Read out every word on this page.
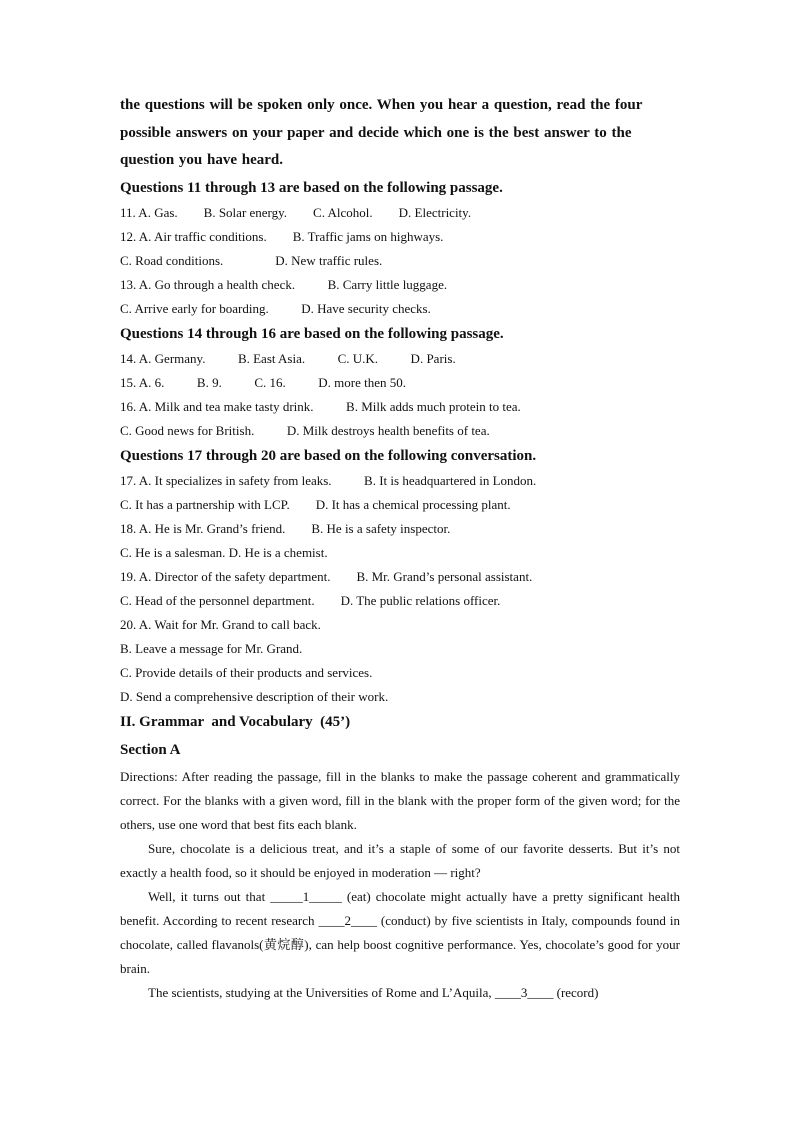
the questions will be spoken only once. When you hear a question, read the four

possible answers on your paper and decide which one is the best answer to the

question you have heard.

Questions 11 through 13 are based on the following passage.

11. A. Gas.        B. Solar energy.        C. Alcohol.        D. Electricity.

12. A. Air traffic conditions.        B. Traffic jams on highways.

C. Road conditions.                D. New traffic rules.

13. A. Go through a health check.          B. Carry little luggage.

C. Arrive early for boarding.          D. Have security checks.

Questions 14 through 16 are based on the following passage.

14. A. Germany.          B. East Asia.          C. U.K.          D. Paris.

15. A. 6.          B. 9.          C. 16.          D. more then 50.

16. A. Milk and tea make tasty drink.          B. Milk adds much protein to tea.

C. Good news for British.          D. Milk destroys health benefits of tea.

Questions 17 through 20 are based on the following conversation.

17. A. It specializes in safety from leaks.          B. It is headquartered in London.

C. It has a partnership with LCP.        D. It has a chemical processing plant.

18. A. He is Mr. Grand’s friend.        B. He is a safety inspector.

C. He is a salesman. D. He is a chemist.

19. A. Director of the safety department.        B. Mr. Grand’s personal assistant.

C. Head of the personnel department.        D. The public relations officer.

20. A. Wait for Mr. Grand to call back.

B. Leave a message for Mr. Grand.

C. Provide details of their products and services.

D. Send a comprehensive description of their work.

II. Grammar  and Vocabulary  (45’)

Section A

Directions: After reading the passage, fill in the blanks to make the passage coherent and grammatically correct. For the blanks with a given word, fill in the blank with the proper form of the given word; for the others, use one word that best fits each blank.

Sure, chocolate is a delicious treat, and it’s a staple of some of our favorite desserts. But it’s not exactly a health food, so it should be enjoyed in moderation — right?

Well, it turns out that _____1_____ (eat) chocolate might actually have a pretty significant health benefit. According to recent research ____2____ (conduct) by five scientists in Italy, compounds found in chocolate, called flavanols(黄烷醇), can help boost cognitive performance. Yes, chocolate’s good for your brain.

The scientists, studying at the Universities of Rome and L’Aquila, ____3____ (record)
